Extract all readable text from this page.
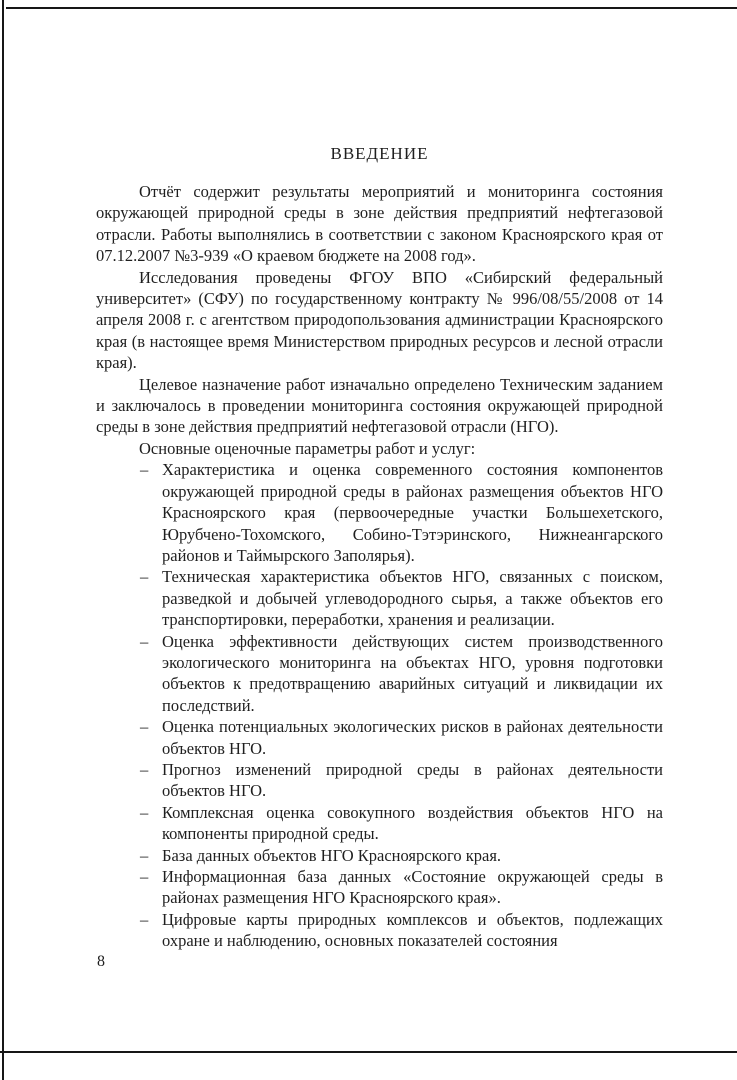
ВВЕДЕНИЕ

Отчёт содержит результаты мероприятий и мониторинга состояния окружающей природной среды в зоне действия предприятий нефтегазовой отрасли. Работы выполнялись в соответствии с законом Красноярского края от 07.12.2007 №3-939 «О краевом бюджете на 2008 год».

Исследования проведены ФГОУ ВПО «Сибирский федеральный университет» (СФУ) по государственному контракту № 996/08/55/2008 от 14 апреля 2008 г. с агентством природопользования администрации Красноярского края (в настоящее время Министерством природных ресурсов и лесной отрасли края).

Целевое назначение работ изначально определено Техническим заданием и заключалось в проведении мониторинга состояния окружающей природной среды в зоне действия предприятий нефтегазовой отрасли (НГО).

Основные оценочные параметры работ и услуг:

– Характеристика и оценка современного состояния компонентов окружающей природной среды в районах размещения объектов НГО Красноярского края (первоочередные участки Большехетского, Юрубчено-Тохомского, Собино-Тэтэринского, Нижнеангарского районов и Таймырского Заполярья).
– Техническая характеристика объектов НГО, связанных с поиском, разведкой и добычей углеводородного сырья, а также объектов его транспортировки, переработки, хранения и реализации.
– Оценка эффективности действующих систем производственного экологического мониторинга на объектах НГО, уровня подготовки объектов к предотвращению аварийных ситуаций и ликвидации их последствий.
– Оценка потенциальных экологических рисков в районах деятельности объектов НГО.
– Прогноз изменений природной среды в районах деятельности объектов НГО.
– Комплексная оценка совокупного воздействия объектов НГО на компоненты природной среды.
– База данных объектов НГО Красноярского края.
– Информационная база данных «Состояние окружающей среды в районах размещения НГО Красноярского края».
– Цифровые карты природных комплексов и объектов, подлежащих охране и наблюдению, основных показателей состояния
8
